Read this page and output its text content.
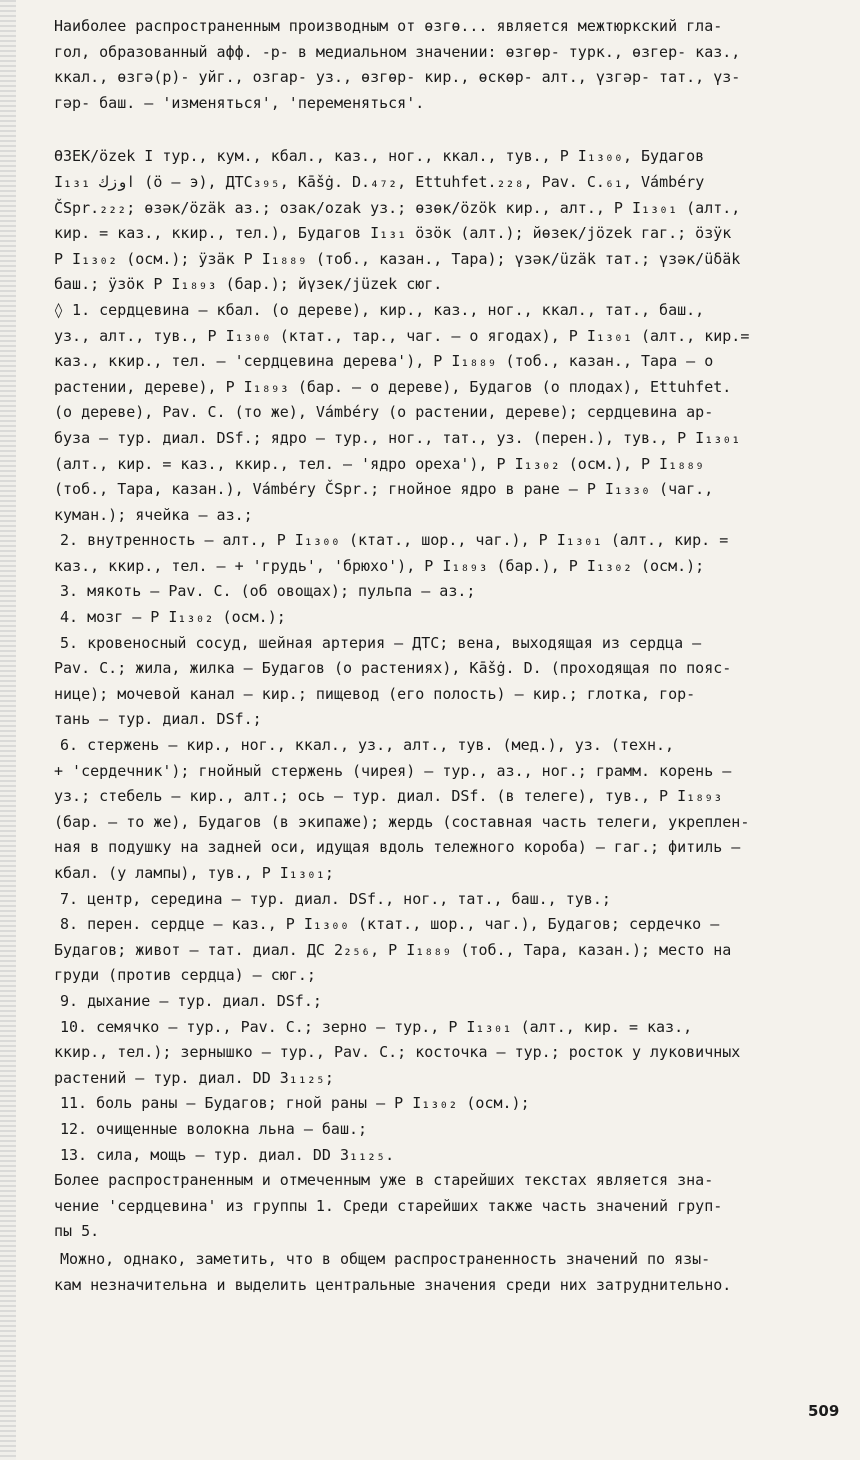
Наиболее распространенным производным от өзгө... является межтюркский гла-
гол, образованный афф. -р- в медиальном значении: өзгөр- турк., өзгер- каз.,
ккал., өзгә(р)- уйг., озгар- уз., өзгөр- кир., өскөр- алт., үзгәр- тат., үз-
гәр- баш. – 'изменяться', 'переменяться'.
ӨЗЕК/özek I тур., кум., кбал., каз., ног., ккал., тув., Р I₁₃₀₀, Будагов
I₁₃₁ اوزك (ö – э), ДТС₃₉₅, Kāšġ. D.₄₇₂, Ettuhfet.₂₂₈, Pav. C.₆₁, Vámbéry
ČSpr.₂₂₂; өзәк/özäk аз.; озак/ozak уз.; өзөк/özök кир., алт., Р I₁₃₀₁ (алт.,
кир. = каз., ккир., тел.), Будагов I₁₃₁ ӧзӧк (алт.); йөзек/jözek гаг.; ӧзӱк
Р I₁₃₀₂ (осм.); ӱзӓк Р I₁₈₈₉ (тоб., казан., Тара); үзәк/üzäk тат.; үзәк/üδäk
баш.; ӱзӧк Р I₁₈₉₃ (бар.); йүзек/jüzek сюг.
◊ 1. сердцевина – кбал. (о дереве), кир., каз., ног., ккал., тат., баш.,
уз., алт., тув., Р I₁₃₀₀ (ктат., тар., чаг. – о ягодах), Р I₁₃₀₁ (алт., кир.=
каз., ккир., тел. – 'сердцевина дерева'), Р I₁₈₈₉ (тоб., казан., Тара – о
растении, дереве), Р I₁₈₉₃ (бар. – о дереве), Будагов (о плодах), Ettuhfet.
(о дереве), Pav. C. (то же), Vámbéry (о растении, дереве); сердцевина ар-
буза – тур. диал. DSf.; ядро – тур., ног., тат., уз. (перен.), тув., Р I₁₃₀₁
(алт., кир. = каз., ккир., тел. – 'ядро ореха'), Р I₁₃₀₂ (осм.), Р I₁₈₈₉
(тоб., Тара, казан.), Vámbéry ČSpr.; гнойное ядро в ране – Р I₁₃₃₀ (чаг.,
куман.); ячейка – аз.;
2. внутренность – алт., Р I₁₃₀₀ (ктат., шор., чаг.), Р I₁₃₀₁ (алт., кир. =
каз., ккир., тел. – + 'грудь', 'брюхо'), Р I₁₈₉₃ (бар.), Р I₁₃₀₂ (осм.);
3. мякоть – Pav. C. (об овощах); пульпа – аз.;
4. мозг – Р I₁₃₀₂ (осм.);
5. кровеносный сосуд, шейная артерия – ДТС; вена, выходящая из сердца –
Pav. C.; жила, жилка – Будагов (о растениях), Kāšġ. D. (проходящая по пояс-
нице); мочевой канал – кир.; пищевод (его полость) – кир.; глотка, гор-
тань – тур. диал. DSf.;
6. стержень – кир., ног., ккал., уз., алт., тув. (мед.), уз. (техн.,
+ 'сердечник'); гнойный стержень (чирея) – тур., аз., ног.; грамм. корень –
уз.; стебель – кир., алт.; ось – тур. диал. DSf. (в телеге), тув., Р I₁₈₉₃
(бар. – то же), Будагов (в экипаже); жердь (составная часть телеги, укреплен-
ная в подушку на задней оси, идущая вдоль тележного короба) – гаг.; фитиль –
кбал. (у лампы), тув., Р I₁₃₀₁;
7. центр, середина – тур. диал. DSf., ног., тат., баш., тув.;
8. перен. сердце – каз., Р I₁₃₀₀ (ктат., шор., чаг.), Будагов; сердечко –
Будагов; живот – тат. диал. ДС 2₂₅₆, Р I₁₈₈₉ (тоб., Тара, казан.); место на
груди (против сердца) – сюг.;
9. дыхание – тур. диал. DSf.;
10. семячко – тур., Pav. C.; зерно – тур., Р I₁₃₀₁ (алт., кир. = каз.,
ккир., тел.); зернышко – тур., Pav. C.; косточка – тур.; росток у луковичных
растений – тур. диал. DD 3₁₁₂₅;
11. боль раны – Будагов; гной раны – Р I₁₃₀₂ (осм.);
12. очищенные волокна льна – баш.;
13. сила, мощь – тур. диал. DD 3₁₁₂₅.
Более распространенным и отмеченным уже в старейших текстах является зна-
чение 'сердцевина' из группы 1. Среди старейших также часть значений груп-
пы 5.
Можно, однако, заметить, что в общем распространенность значений по язы-
кам незначительна и выделить центральные значения среди них затруднительно.
509
